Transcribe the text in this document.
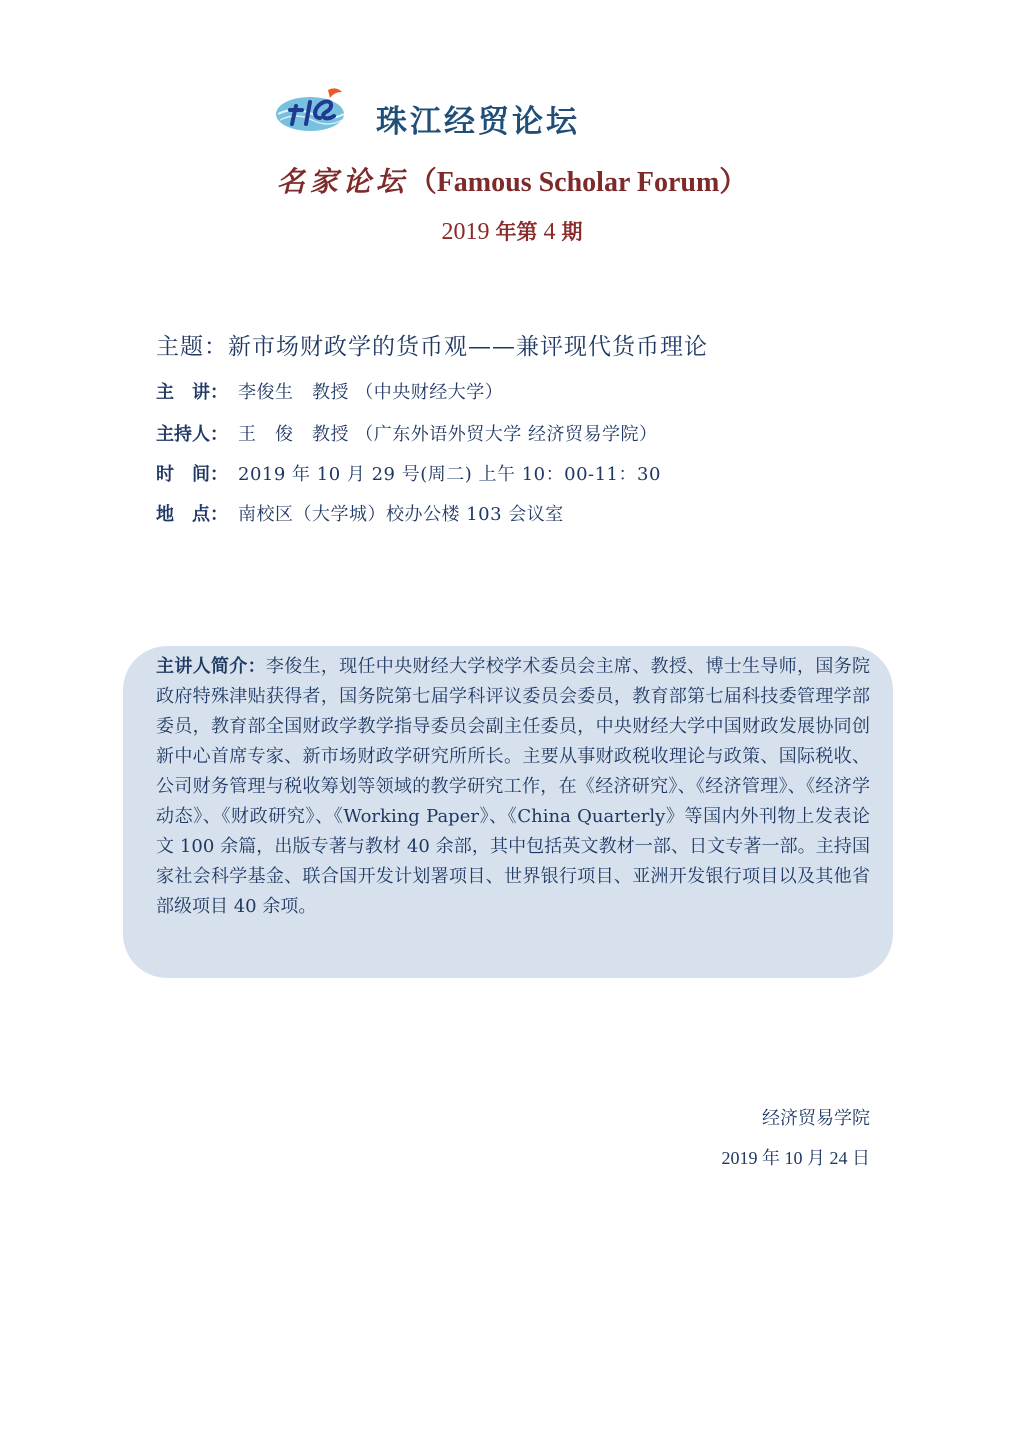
珠江经贸论坛
名家论坛（Famous Scholar Forum）
2019 年第 4 期
主题：新市场财政学的货币观——兼评现代货币理论
主　讲： 李俊生　教授 （中央财经大学）
主持人： 王　俊　教授 （广东外语外贸大学 经济贸易学院）
时　间： 2019 年 10 月 29 号(周二) 上午 10：00-11：30
地　点： 南校区（大学城）校办公楼 103 会议室
主讲人简介：李俊生，现任中央财经大学校学术委员会主席、教授、博士生导师，国务院政府特殊津贴获得者，国务院第七届学科评议委员会委员，教育部第七届科技委管理学部委员，教育部全国财政学教学指导委员会副主任委员，中央财经大学中国财政发展协同创新中心首席专家、新市场财政学研究所所长。主要从事财政税收理论与政策、国际税收、公司财务管理与税收筹划等领域的教学研究工作，在《经济研究》、《经济管理》、《经济学动态》、《财政研究》、《Working Paper》、《China Quarterly》等国内外刊物上发表论文 100 余篇，出版专著与教材 40 余部，其中包括英文教材一部、日文专著一部。主持国家社会科学基金、联合国开发计划署项目、世界银行项目、亚洲开发银行项目以及其他省部级项目 40 余项。
经济贸易学院
2019 年 10 月 24 日
